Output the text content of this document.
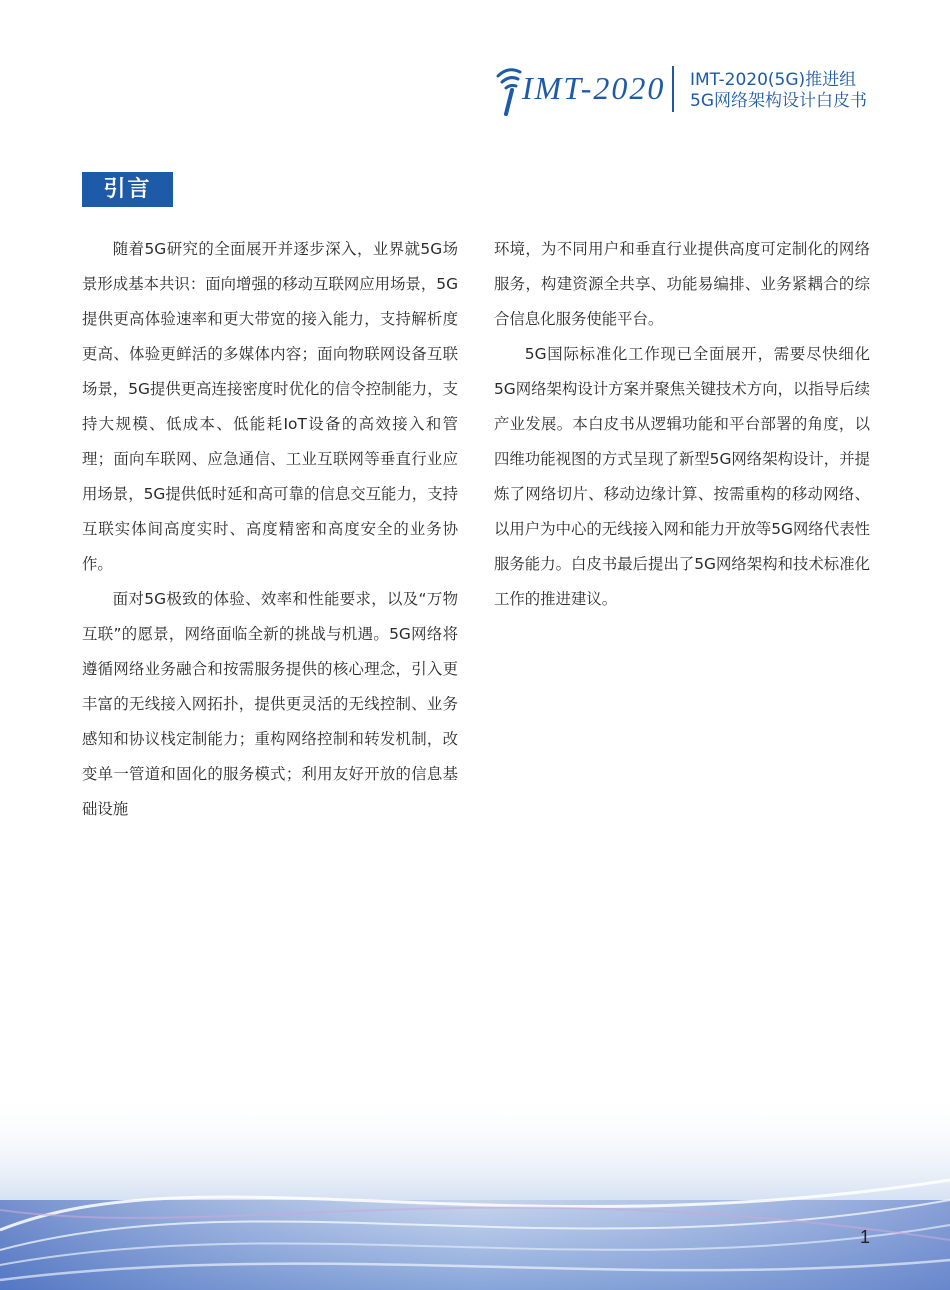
IMT-2020 IMT-2020(5G)推进组
5G网络架构设计白皮书
引言

随着5G研究的全面展开并逐步深入，业界就5G场景形成基本共识：面向增强的移动互联网应用场景，5G提供更高体验速率和更大带宽的接入能力，支持解析度更高、体验更鲜活的多媒体内容；面向物联网设备互联场景，5G提供更高连接密度时优化的信令控制能力，支持大规模、低成本、低能耗IoT设备的高效接入和管理；面向车联网、应急通信、工业互联网等垂直行业应用场景，5G提供低时延和高可靠的信息交互能力，支持互联实体间高度实时、高度精密和高度安全的业务协作。

面对5G极致的体验、效率和性能要求，以及“万物互联”的愿景，网络面临全新的挑战与机遇。5G网络将遵循网络业务融合和按需服务提供的核心理念，引入更丰富的无线接入网拓扑，提供更灵活的无线控制、业务感知和协议栈定制能力；重构网络控制和转发机制，改变单一管道和固化的服务模式；利用友好开放的信息基础设施

环境，为不同用户和垂直行业提供高度可定制化的网络服务，构建资源全共享、功能易编排、业务紧耦合的综合信息化服务使能平台。

5G国际标准化工作现已全面展开，需要尽快细化5G网络架构设计方案并聚焦关键技术方向，以指导后续产业发展。本白皮书从逻辑功能和平台部署的角度，以四维功能视图的方式呈现了新型5G网络架构设计，并提炼了网络切片、移动边缘计算、按需重构的移动网络、以用户为中心的无线接入网和能力开放等5G网络代表性服务能力。白皮书最后提出了5G网络架构和技术标准化工作的推进建议。

1
